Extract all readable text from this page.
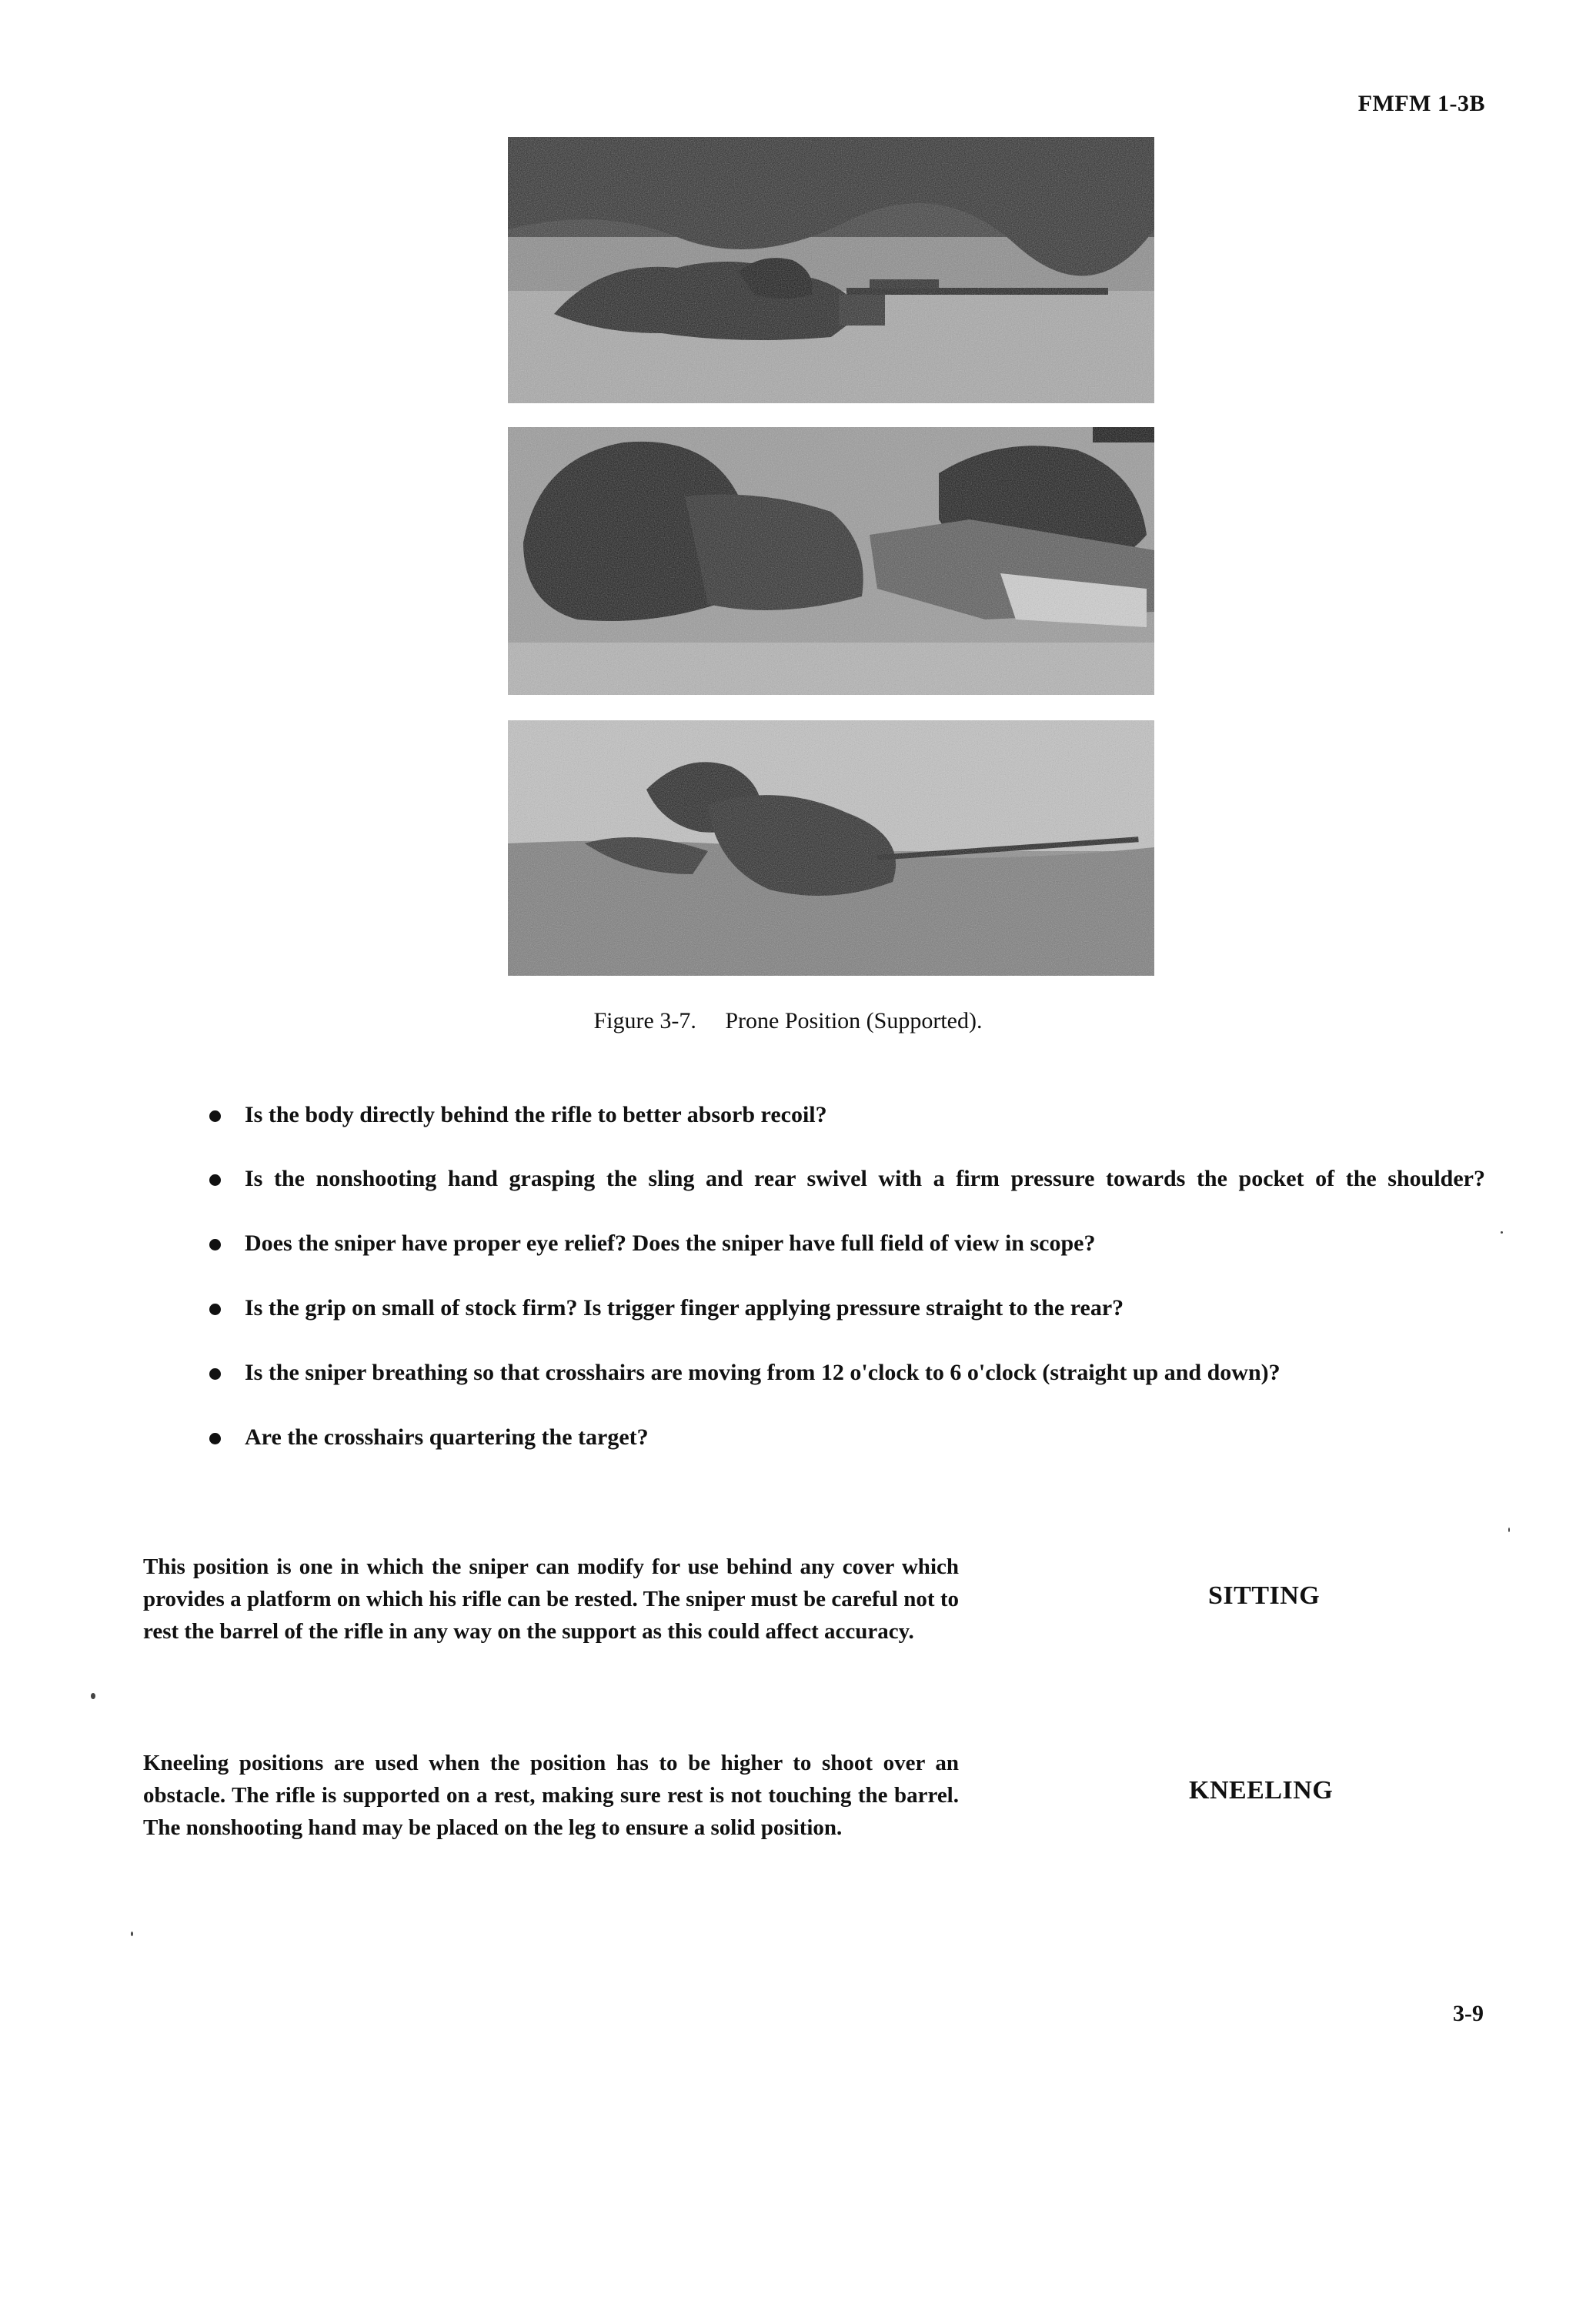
FMFM 1-3B
Figure 3-7. Prone Position (Supported).
Is the body directly behind the rifle to better absorb recoil?
Is the nonshooting hand grasping the sling and rear swivel with a firm pressure towards the pocket of the shoulder?
Does the sniper have proper eye relief? Does the sniper have full field of view in scope?
Is the grip on small of stock firm? Is trigger finger applying pressure straight to the rear?
Is the sniper breathing so that crosshairs are moving from 12 o'clock to 6 o'clock (straight up and down)?
Are the crosshairs quartering the target?
This position is one in which the sniper can modify for use behind any cover which provides a platform on which his rifle can be rested. The sniper must be careful not to rest the barrel of the rifle in any way on the support as this could affect accuracy.
SITTING
Kneeling positions are used when the position has to be higher to shoot over an obstacle. The rifle is supported on a rest, making sure rest is not touching the barrel. The nonshooting hand may be placed on the leg to ensure a solid position.
KNEELING
3-9
